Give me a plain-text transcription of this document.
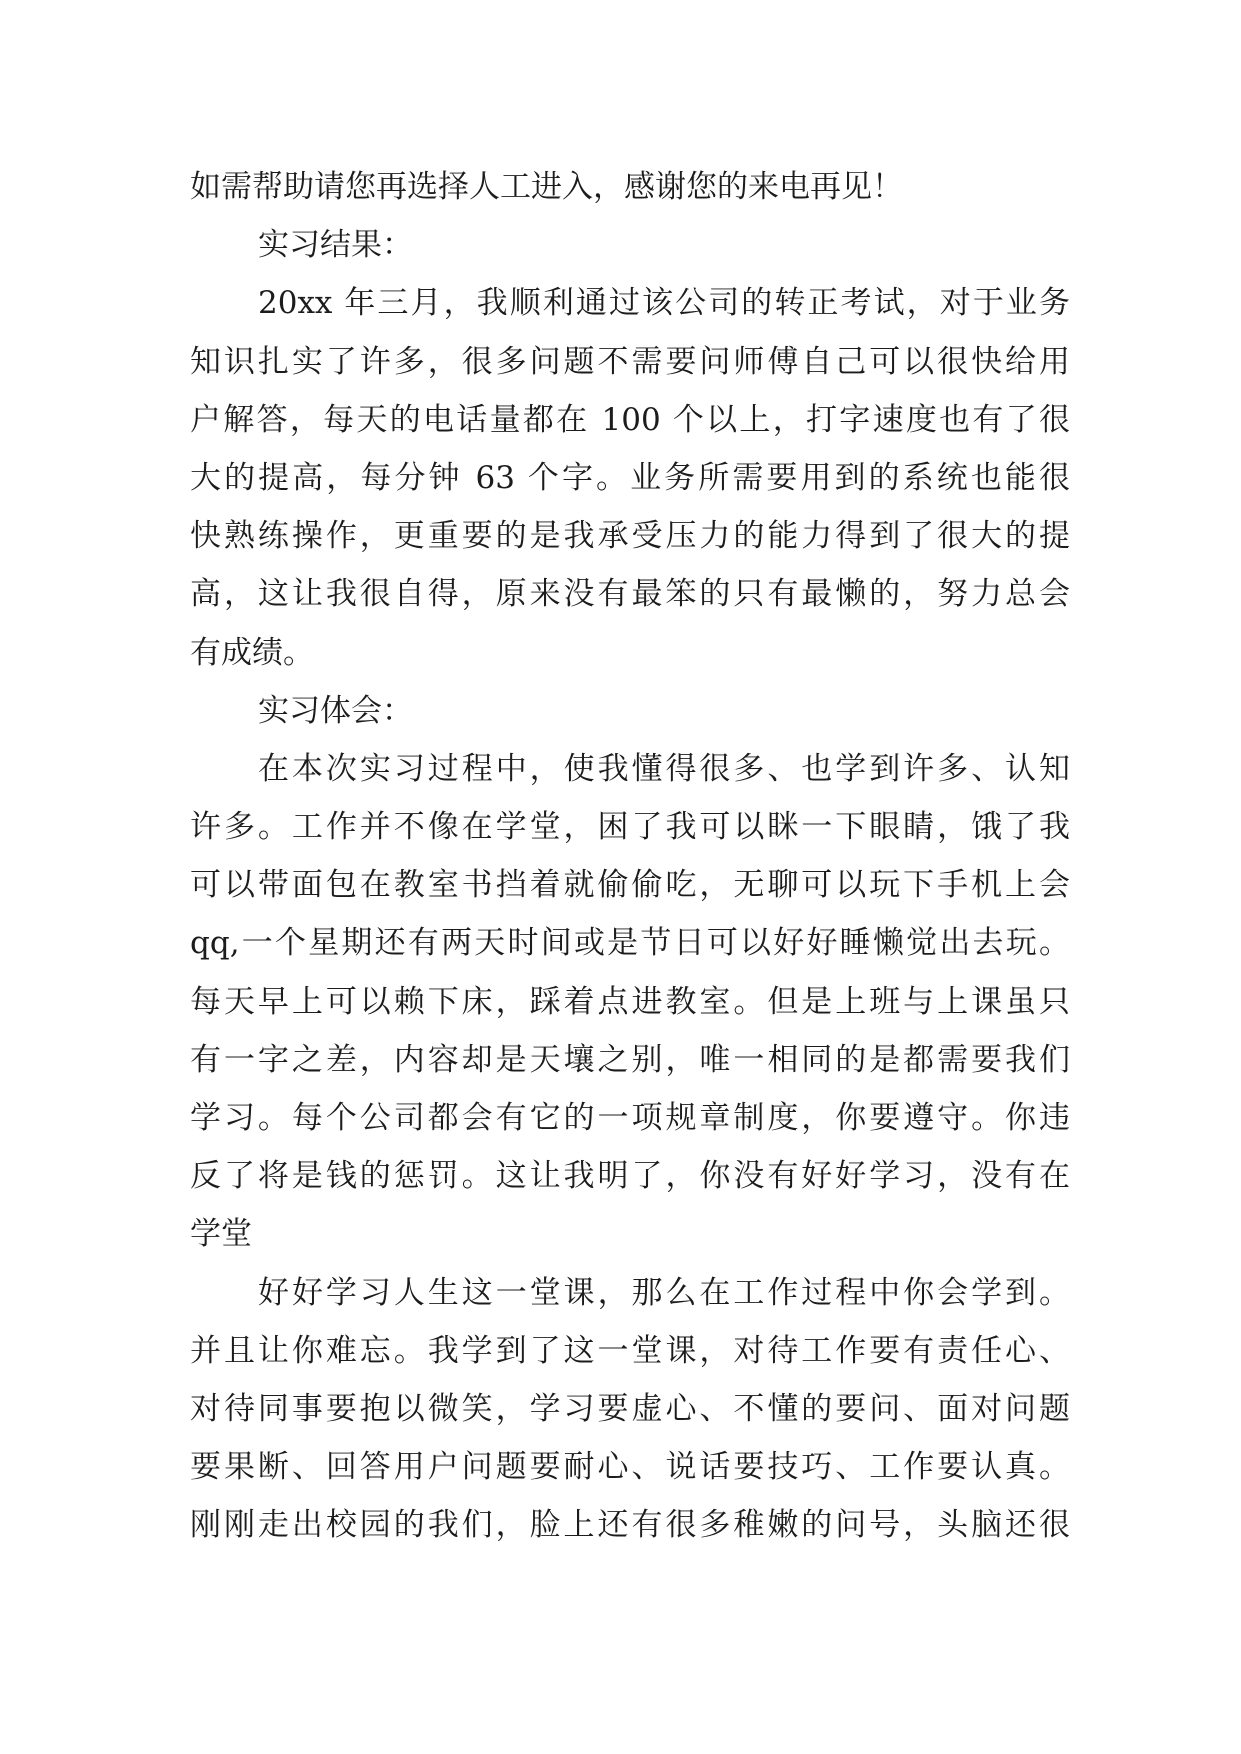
如需帮助请您再选择人工进入，感谢您的来电再见！
实习结果：
20xx 年三月，我顺利通过该公司的转正考试，对于业务
知识扎实了许多，很多问题不需要问师傅自己可以很快给用
户解答，每天的电话量都在 100 个以上，打字速度也有了很
大的提高，每分钟 63 个字。业务所需要用到的系统也能很
快熟练操作，更重要的是我承受压力的能力得到了很大的提
高，这让我很自得，原来没有最笨的只有最懒的，努力总会
有成绩。
实习体会：
在本次实习过程中，使我懂得很多、也学到许多、认知
许多。工作并不像在学堂，困了我可以眯一下眼睛，饿了我
可以带面包在教室书挡着就偷偷吃，无聊可以玩下手机上会
qq,一个星期还有两天时间或是节日可以好好睡懒觉出去玩。
每天早上可以赖下床，踩着点进教室。但是上班与上课虽只
有一字之差，内容却是天壤之别，唯一相同的是都需要我们
学习。每个公司都会有它的一项规章制度，你要遵守。你违
反了将是钱的惩罚。这让我明了，你没有好好学习，没有在
学堂
好好学习人生这一堂课，那么在工作过程中你会学到。
并且让你难忘。我学到了这一堂课，对待工作要有责任心、
对待同事要抱以微笑，学习要虚心、不懂的要问、面对问题
要果断、回答用户问题要耐心、说话要技巧、工作要认真。
刚刚走出校园的我们，脸上还有很多稚嫩的问号，头脑还很
